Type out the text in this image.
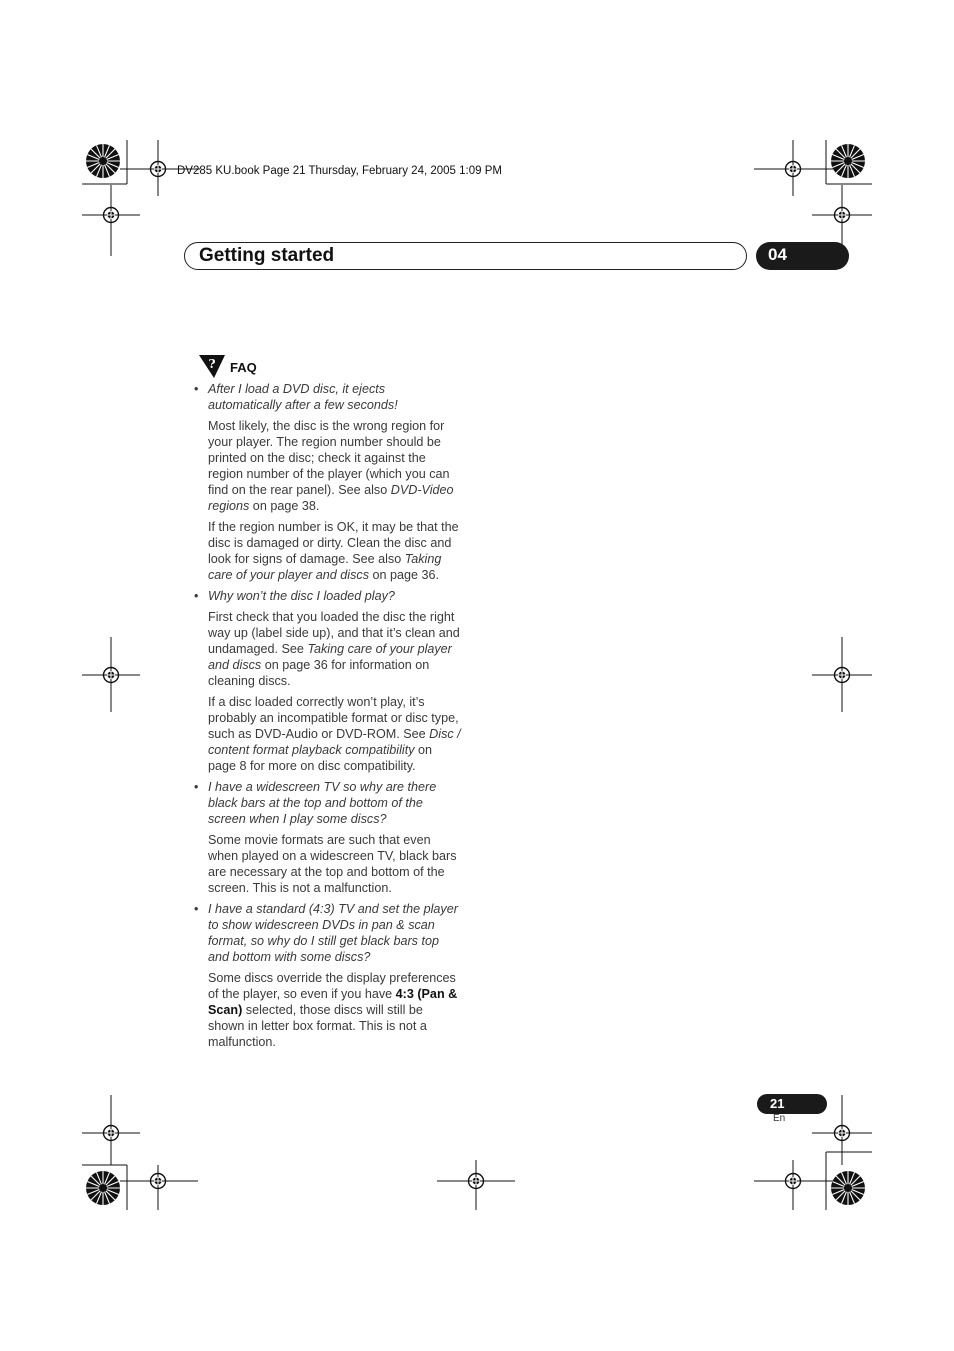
DV285 KU.book Page 21 Thursday, February 24, 2005 1:09 PM
Getting started	04
? FAQ
• After I load a DVD disc, it ejects automatically after a few seconds!
Most likely, the disc is the wrong region for your player. The region number should be printed on the disc; check it against the region number of the player (which you can find on the rear panel). See also DVD-Video regions on page 38.
If the region number is OK, it may be that the disc is damaged or dirty. Clean the disc and look for signs of damage. See also Taking care of your player and discs on page 36.
• Why won’t the disc I loaded play?
First check that you loaded the disc the right way up (label side up), and that it’s clean and undamaged. See Taking care of your player and discs on page 36 for information on cleaning discs.
If a disc loaded correctly won’t play, it’s probably an incompatible format or disc type, such as DVD-Audio or DVD-ROM. See Disc / content format playback compatibility on page 8 for more on disc compatibility.
• I have a widescreen TV so why are there black bars at the top and bottom of the screen when I play some discs?
Some movie formats are such that even when played on a widescreen TV, black bars are necessary at the top and bottom of the screen. This is not a malfunction.
• I have a standard (4:3) TV and set the player to show widescreen DVDs in pan & scan format, so why do I still get black bars top and bottom with some discs?
Some discs override the display preferences of the player, so even if you have 4:3 (Pan & Scan) selected, those discs will still be shown in letter box format. This is not a malfunction.
21
En
